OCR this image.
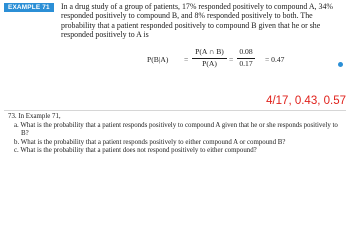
EXAMPLE 71	In a drug study of a group of patients, 17% responded positively to compound A, 34% responded positively to compound B, and 8% responded positively to both. The probability that a patient responded positively to compound B given that he or she responded positively to A is
$P(B|A) = \frac{P(A \cap B)}{P(A)} = \frac{0.08}{0.17} = 0.47$
4/17, 0.43, 0.57
73. In Example 71,
a. What is the probability that a patient responds positively to compound A given that he or she responds positively to B?
b. What is the probability that a patient responds positively to either compound A or compound B?
c. What is the probability that a patient does not respond positively to either compound?
